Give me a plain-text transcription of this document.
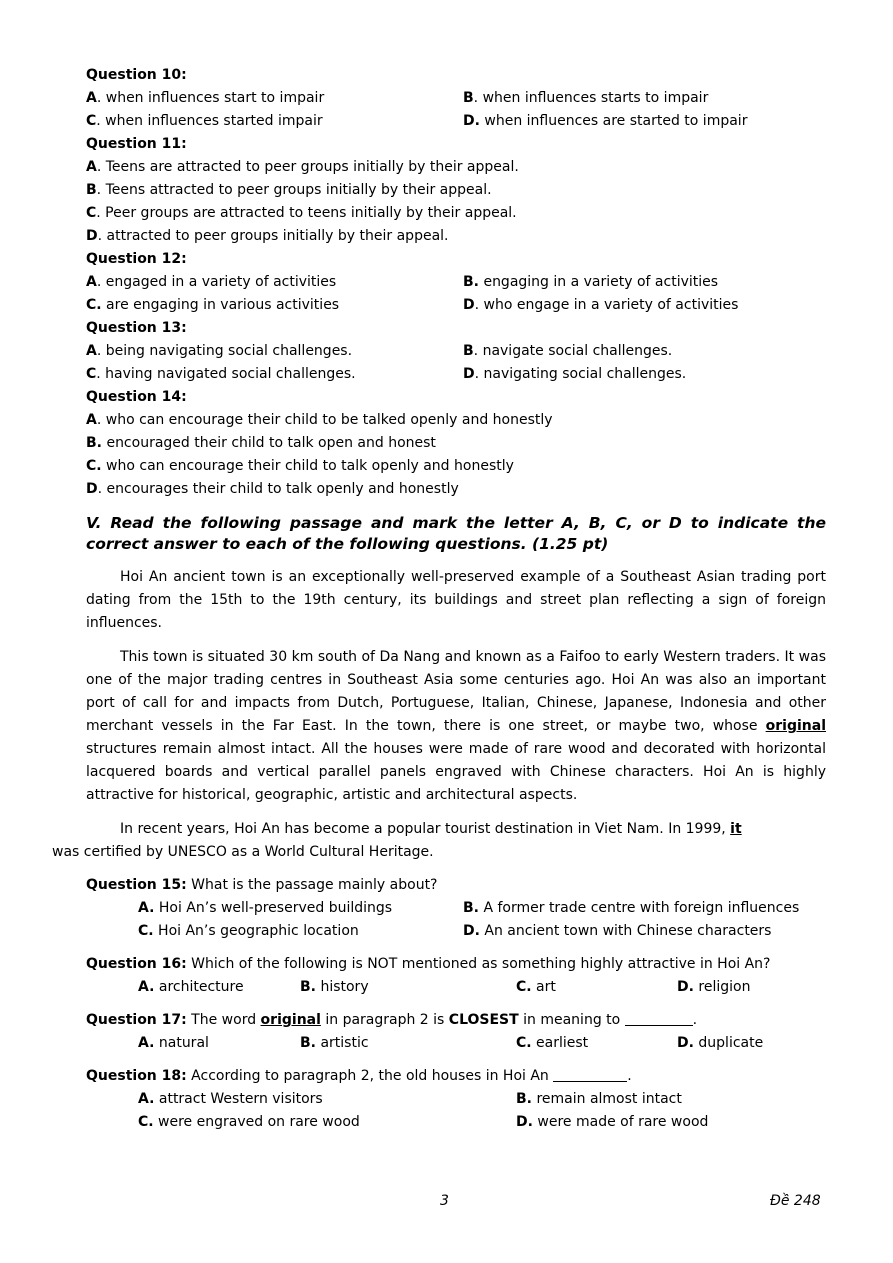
Question 10:
A. when influences start to impair	B. when influences starts to impair
C. when influences started impair	D. when influences are started to impair
Question 11:
A. Teens are attracted to peer groups initially by their appeal.
B. Teens attracted to peer groups initially by their appeal.
C. Peer groups are attracted to teens initially by their appeal.
D. attracted to peer groups initially by their appeal.
Question 12:
A. engaged in a variety of activities	B. engaging in a variety of activities
C. are engaging in various activities	D. who engage in a variety of activities
Question 13:
A. being navigating social challenges.	B. navigate social challenges.
C. having navigated social challenges.	D. navigating social challenges.
Question 14:
A. who can encourage their child to be talked openly and honestly
B. encouraged their child to talk open and honest
C. who can encourage their child to talk openly and honestly
D. encourages their child to talk openly and honestly
V. Read the following passage and mark the letter A, B, C, or D to indicate the correct answer to each of the following questions. (1.25 pt)
Hoi An ancient town is an exceptionally well-preserved example of a Southeast Asian trading port dating from the 15th to the 19th century, its buildings and street plan reflecting a sign of foreign influences.
This town is situated 30 km south of Da Nang and known as a Faifoo to early Western traders. It was one of the major trading centres in Southeast Asia some centuries ago. Hoi An was also an important port of call for and impacts from Dutch, Portuguese, Italian, Chinese, Japanese, Indonesia and other merchant vessels in the Far East. In the town, there is one street, or maybe two, whose original structures remain almost intact. All the houses were made of rare wood and decorated with horizontal lacquered boards and vertical parallel panels engraved with Chinese characters. Hoi An is highly attractive for historical, geographic, artistic and architectural aspects.
In recent years, Hoi An has become a popular tourist destination in Viet Nam. In 1999, it
was certified by UNESCO as a World Cultural Heritage.
Question 15: What is the passage mainly about?
A. Hoi An’s well-preserved buildings	B. A former trade centre with foreign influences
C. Hoi An’s geographic location	D. An ancient town with Chinese characters
Question 16: Which of the following is NOT mentioned as something highly attractive in Hoi An?
A. architecture	B. history	C. art	D. religion
Question 17: The word original in paragraph 2 is CLOSEST in meaning to	.
A. natural	B. artistic	C. earliest	D. duplicate
Question 18: According to paragraph 2, the old houses in Hoi An	.
A. attract Western visitors	B. remain almost intact
C. were engraved on rare wood	D. were made of rare wood
3	Đề 248
